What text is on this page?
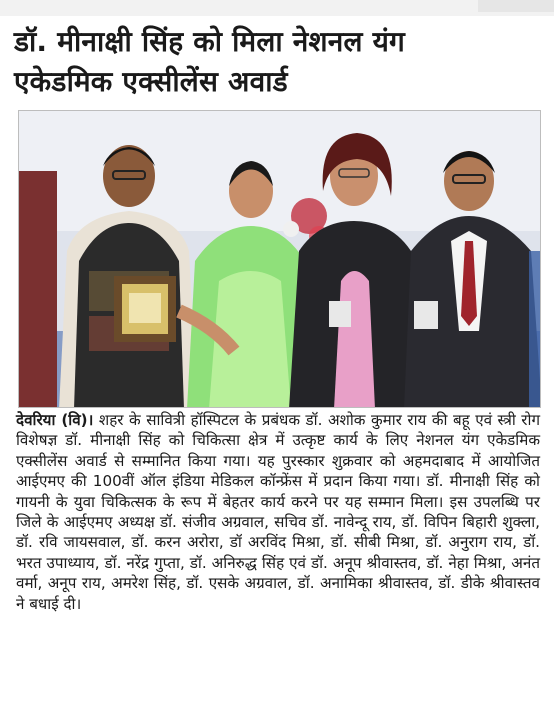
डॉ. मीनाक्षी सिंह को मिला नेशनल यंग
एकेडमिक एक्सीलेंस अवार्ड

देवरिया (वि)। शहर के सावित्री हॉस्पिटल के प्रबंधक डॉ. अशोक कुमार राय की बहू एवं स्त्री रोग विशेषज्ञ डॉ. मीनाक्षी सिंह को चिकित्सा क्षेत्र में उत्कृष्ट कार्य के लिए नेशनल यंग एकेडमिक एक्सीलेंस अवार्ड से सम्मानित किया गया। यह पुरस्कार शुक्रवार को अहमदाबाद में आयोजित आईएमए की 100वीं ऑल इंडिया मेडिकल कॉन्फ्रेंस में प्रदान किया गया। डॉ. मीनाक्षी सिंह को गायनी के युवा चिकित्सक के रूप में बेहतर कार्य करने पर यह सम्मान मिला। इस उपलब्धि पर जिले के आईएमए अध्यक्ष डॉ. संजीव अग्रवाल, सचिव डॉ. नावेन्दू राय, डॉ. विपिन बिहारी शुक्ला, डॉ. रवि जायसवाल, डॉ. करन अरोरा, डॉ अरविंद मिश्रा, डॉ. सीबी मिश्रा, डॉ. अनुराग राय, डॉ. भरत उपाध्याय, डॉ. नरेंद्र गुप्ता, डॉ. अनिरुद्ध सिंह एवं डॉ. अनूप श्रीवास्तव, डॉ. नेहा मिश्रा, अनंत वर्मा, अनूप राय, अमरेश सिंह, डॉ. एसके अग्रवाल, डॉ. अनामिका श्रीवास्तव, डॉ. डीके श्रीवास्तव ने बधाई दी।
